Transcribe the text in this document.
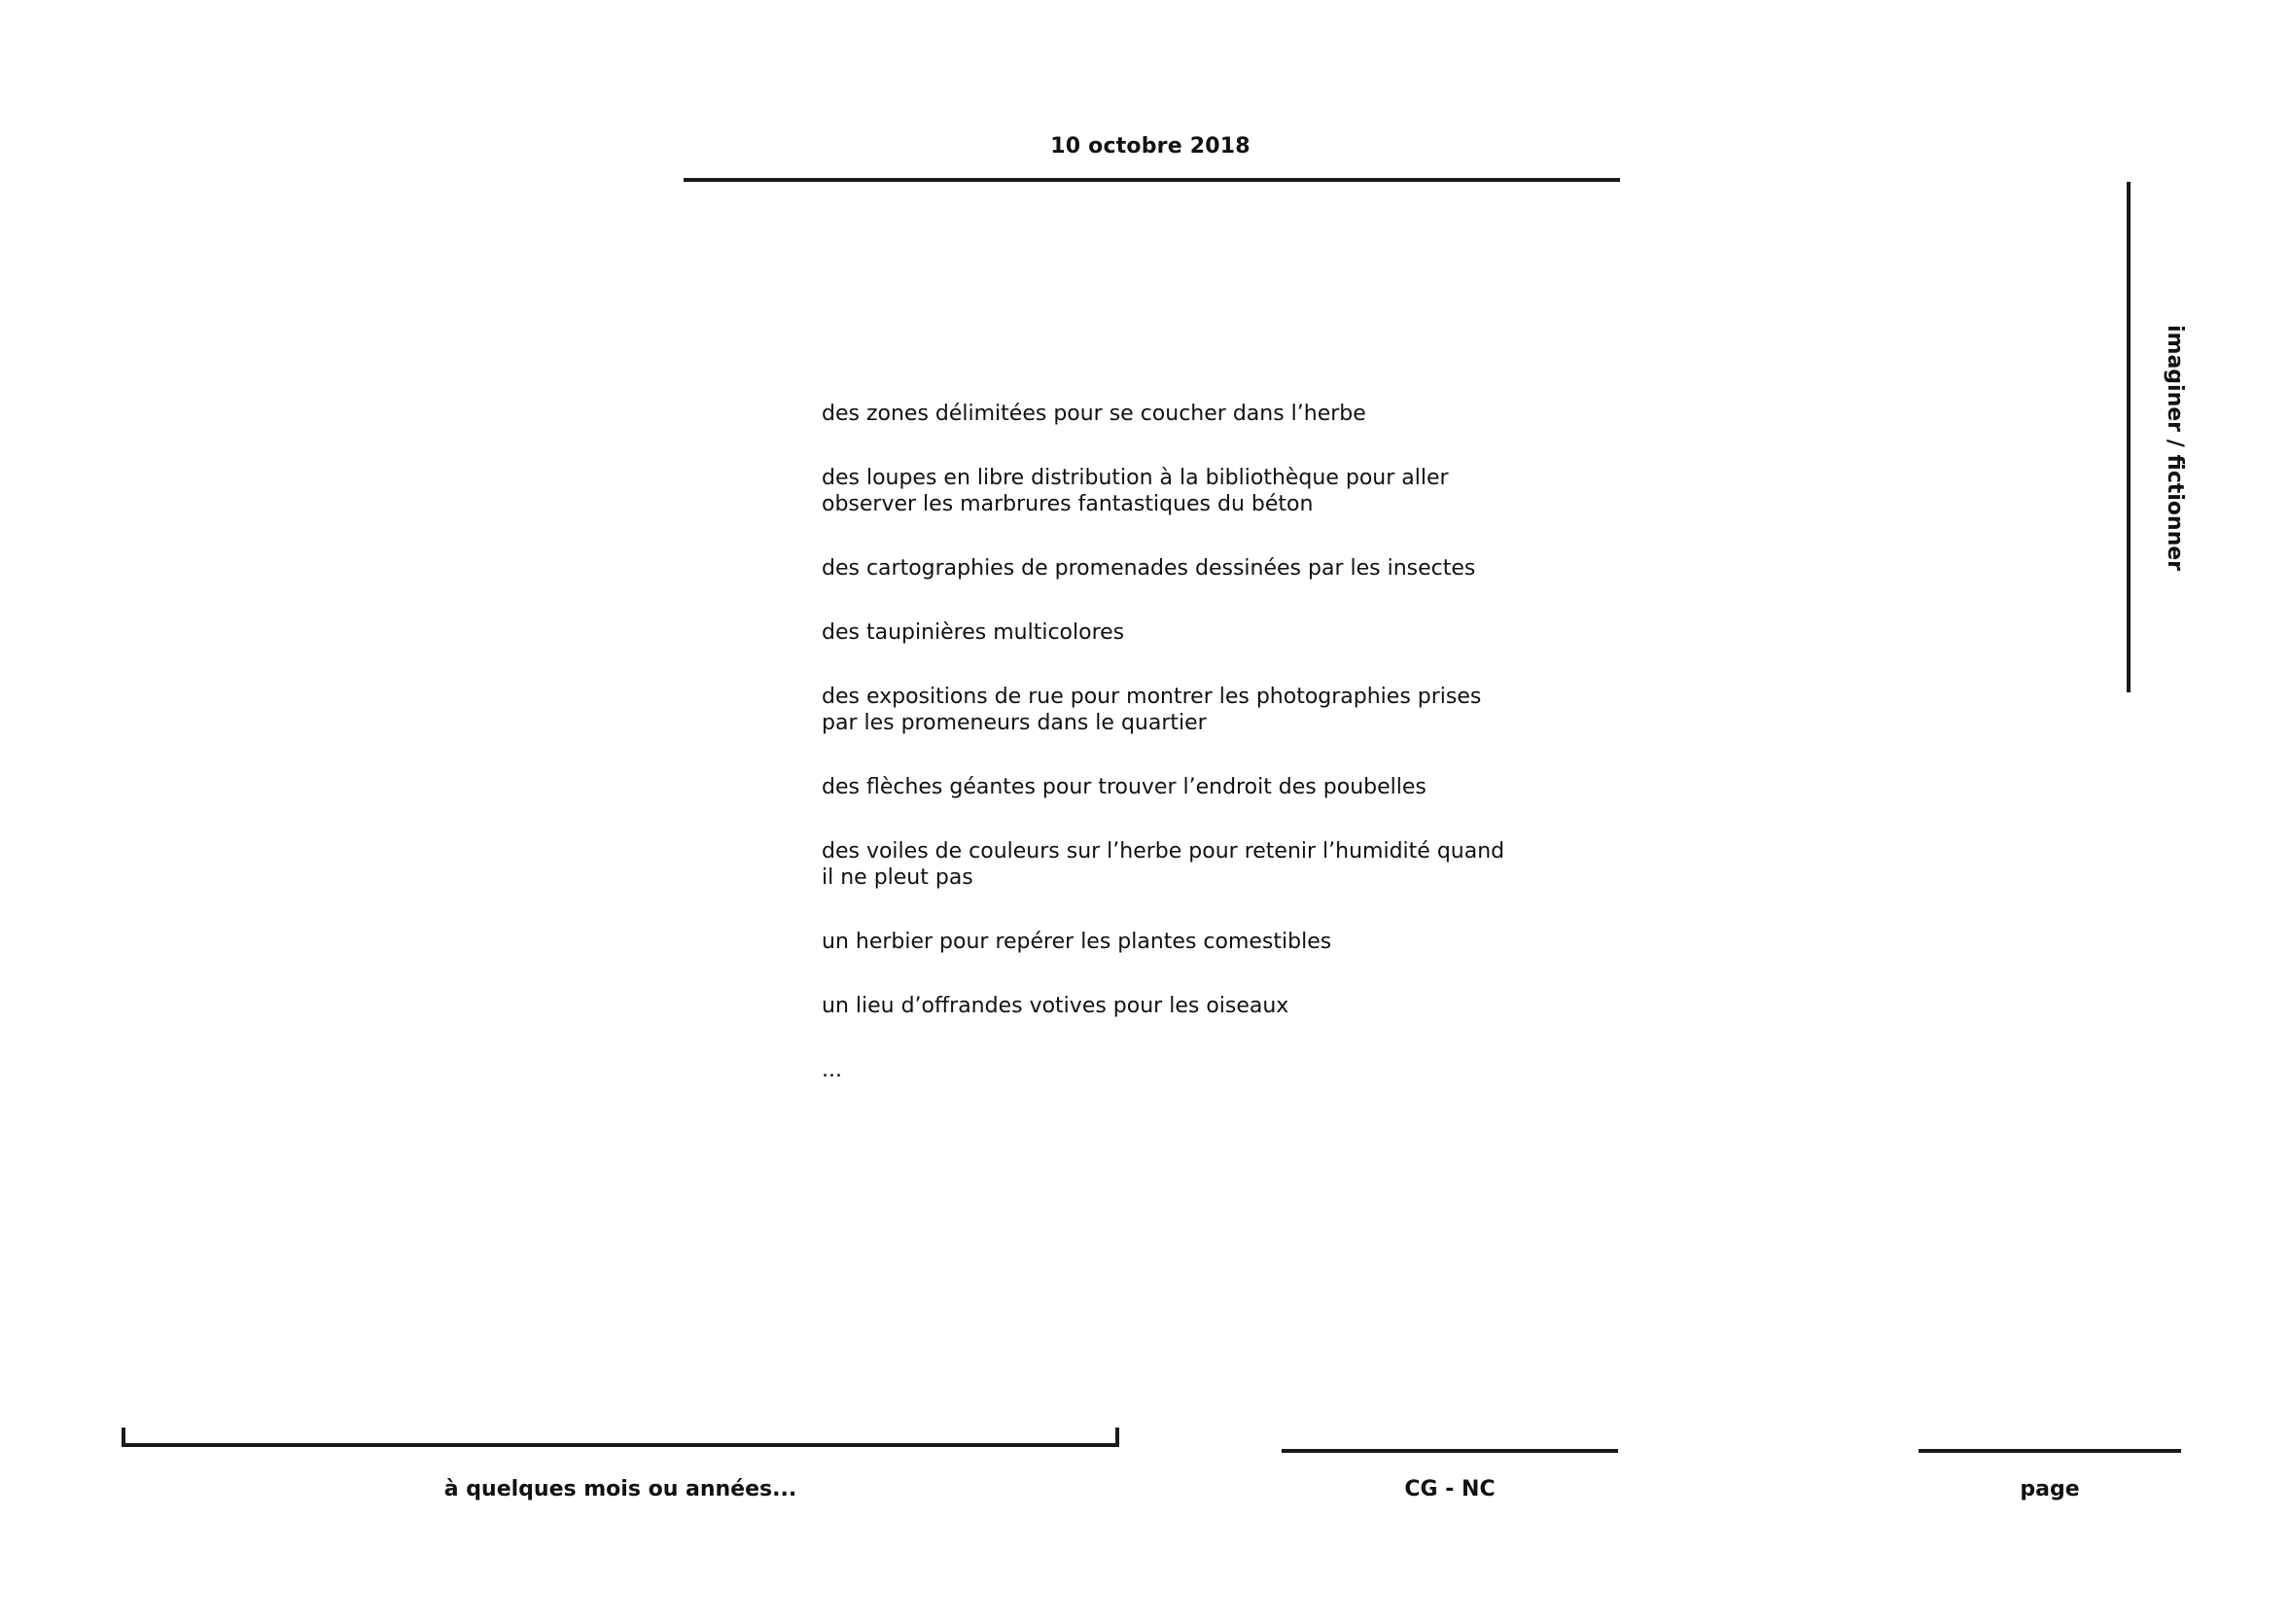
10 octobre 2018
imaginer / fictionner
des zones délimitées pour se coucher dans l’herbe
des loupes en libre distribution à la bibliothèque pour aller
observer les marbrures fantastiques du béton
des cartographies de promenades dessinées par les insectes
des taupinières multicolores
des expositions de rue pour montrer les photographies prises
par les promeneurs dans le quartier
des flèches géantes pour trouver l’endroit des poubelles
des voiles de couleurs sur l’herbe pour retenir l’humidité quand
il ne pleut pas
un herbier pour repérer les plantes comestibles
un lieu d’offrandes votives pour les oiseaux
...
à quelques mois ou années...	CG - NC	page
